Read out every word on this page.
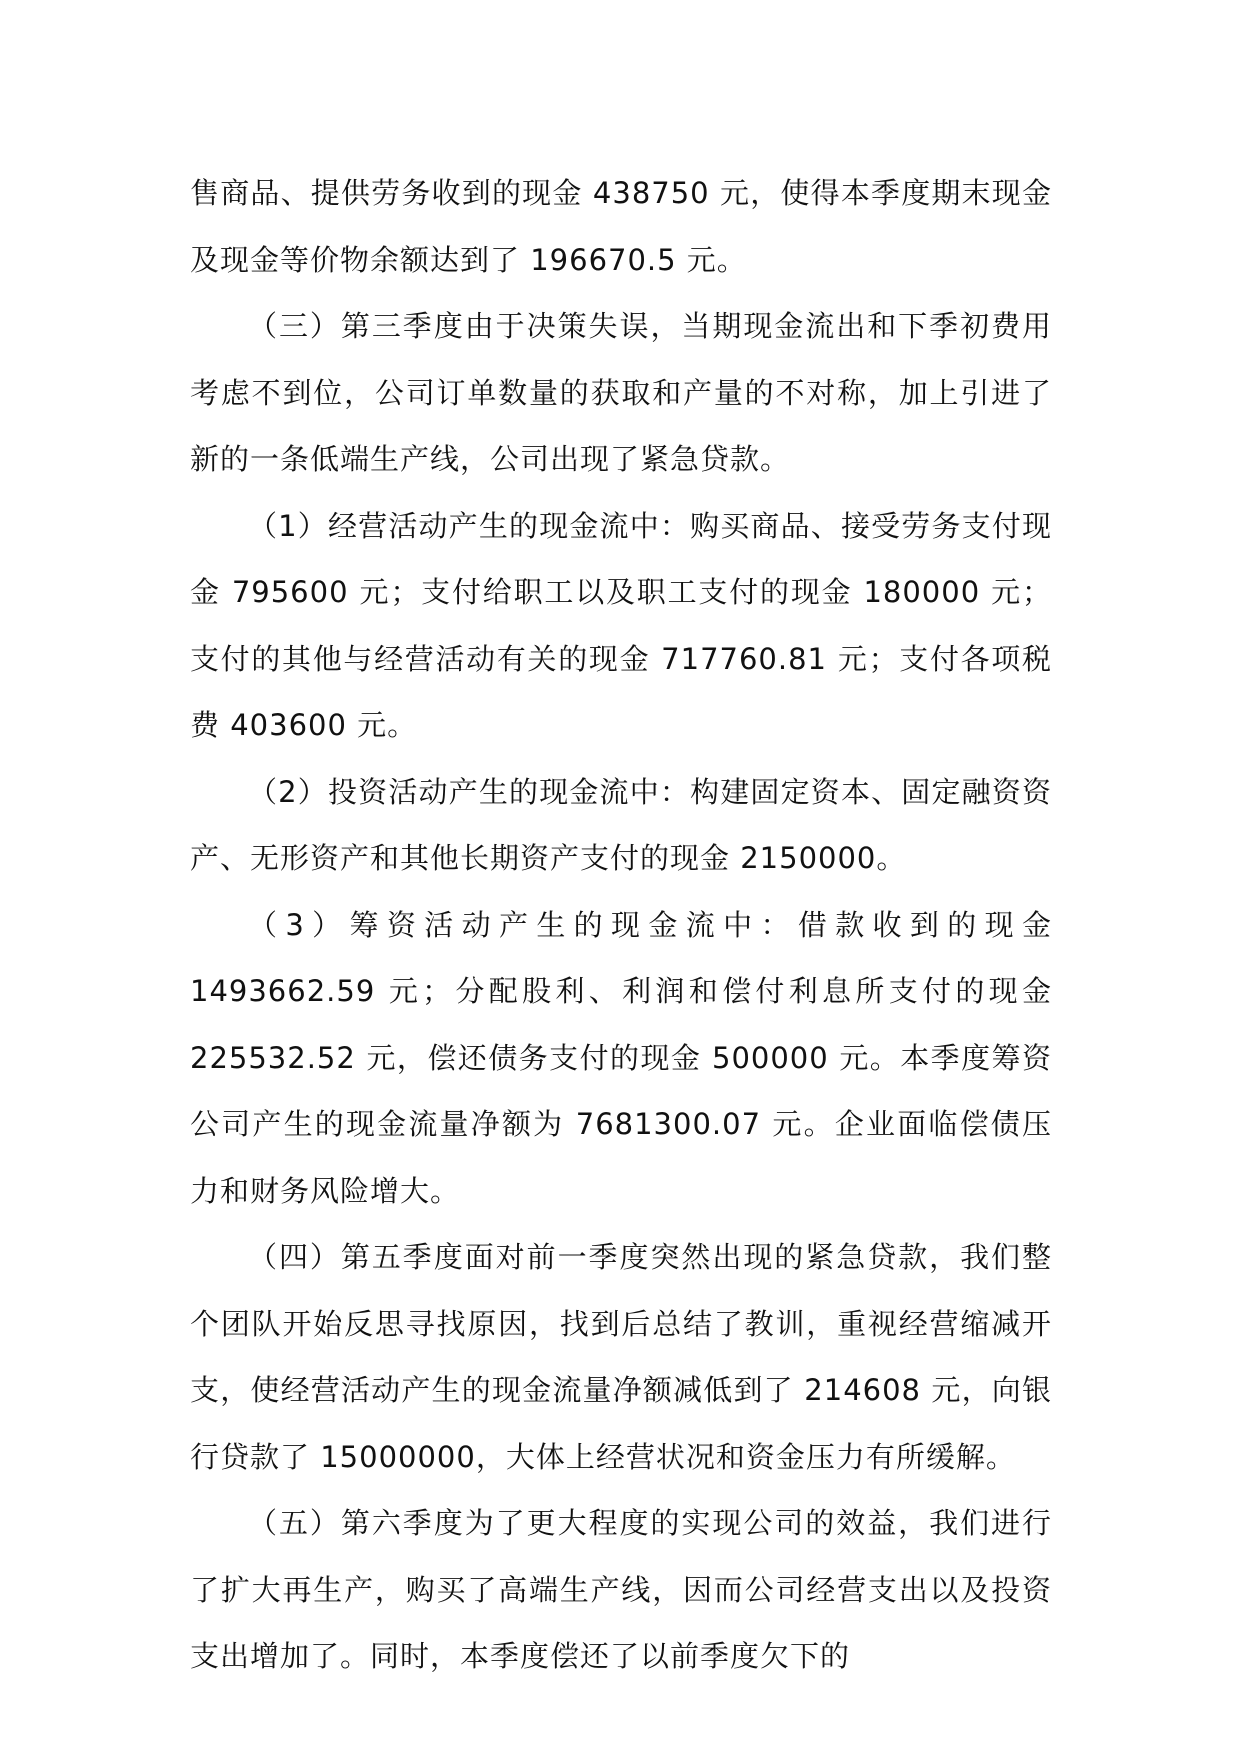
售商品、提供劳务收到的现金 438750 元，使得本季度期末现金及现金等价物余额达到了 196670.5 元。

（三）第三季度由于决策失误，当期现金流出和下季初费用考虑不到位，公司订单数量的获取和产量的不对称，加上引进了新的一条低端生产线，公司出现了紧急贷款。

（1）经营活动产生的现金流中：购买商品、接受劳务支付现金 795600 元；支付给职工以及职工支付的现金 180000 元；支付的其他与经营活动有关的现金 717760.81 元；支付各项税费 403600 元。

（2）投资活动产生的现金流中：构建固定资本、固定融资资产、无形资产和其他长期资产支付的现金 2150000。

（3）筹资活动产生的现金流中：借款收到的现金 1493662.59 元；分配股利、利润和偿付利息所支付的现金 225532.52 元，偿还债务支付的现金 500000 元。本季度筹资公司产生的现金流量净额为 7681300.07 元。企业面临偿债压力和财务风险增大。

（四）第五季度面对前一季度突然出现的紧急贷款，我们整个团队开始反思寻找原因，找到后总结了教训，重视经营缩减开支，使经营活动产生的现金流量净额减低到了 214608 元，向银行贷款了 15000000，大体上经营状况和资金压力有所缓解。

（五）第六季度为了更大程度的实现公司的效益，我们进行了扩大再生产，购买了高端生产线，因而公司经营支出以及投资支出增加了。同时，本季度偿还了以前季度欠下的
